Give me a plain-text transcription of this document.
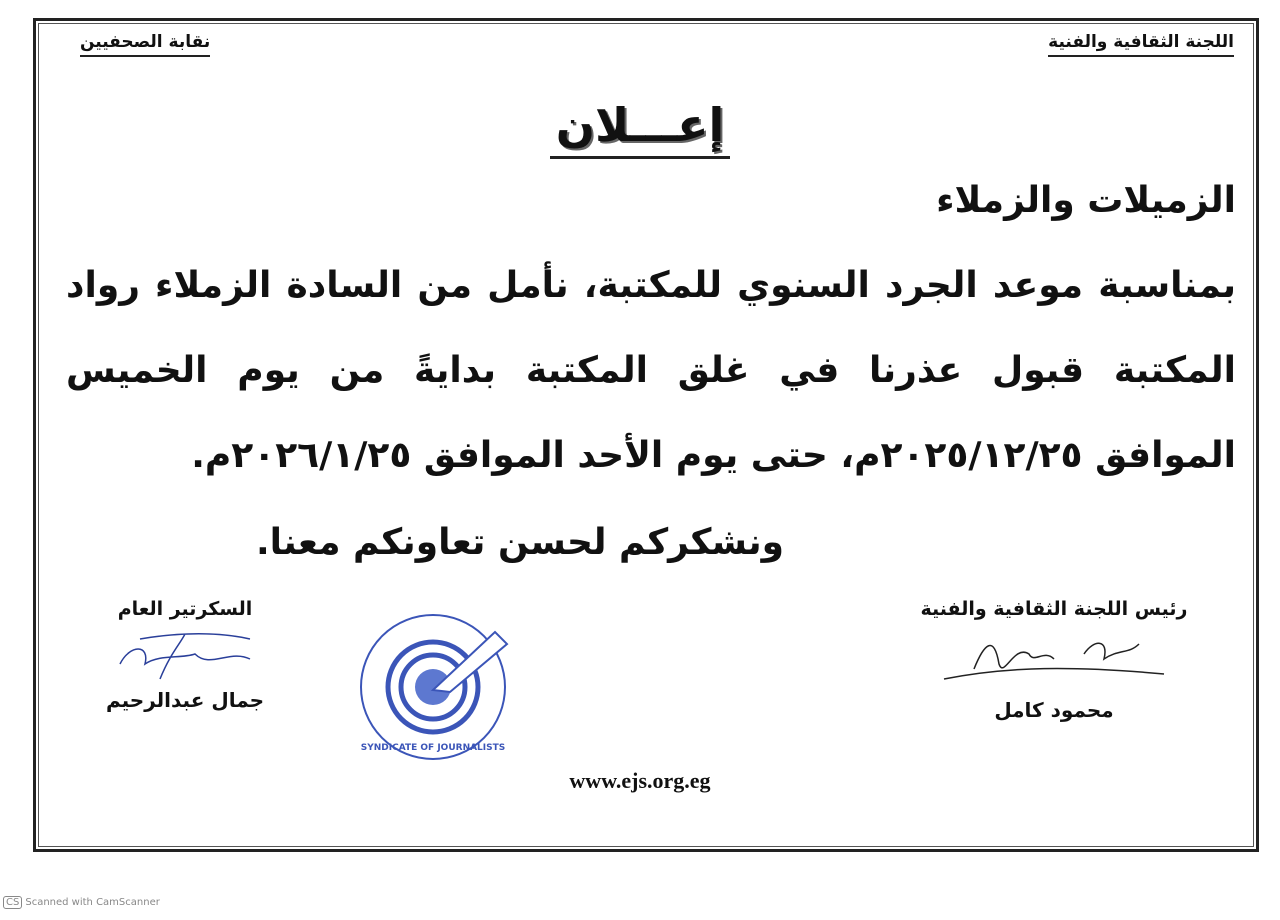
اللجنة الثقافية والفنية
نقابة الصحفيين
إعـــلان
الزميلات والزملاء
بمناسبة موعد الجرد السنوي للمكتبة، نأمل من السادة الزملاء رواد
المكتبة قبول عذرنا في غلق المكتبة بدايةً من يوم الخميس
الموافق ٢٠٢٥/١٢/٢٥م، حتى يوم الأحد الموافق ٢٠٢٦/١/٢٥م.
ونشكركم لحسن تعاونكم معنا.
رئيس اللجنة الثقافية والفنية
محمود كامل
السكرتير العام
جمال عبدالرحيم
SYNDICATE OF JOURNALISTS
www.ejs.org.eg
CS Scanned with CamScanner
